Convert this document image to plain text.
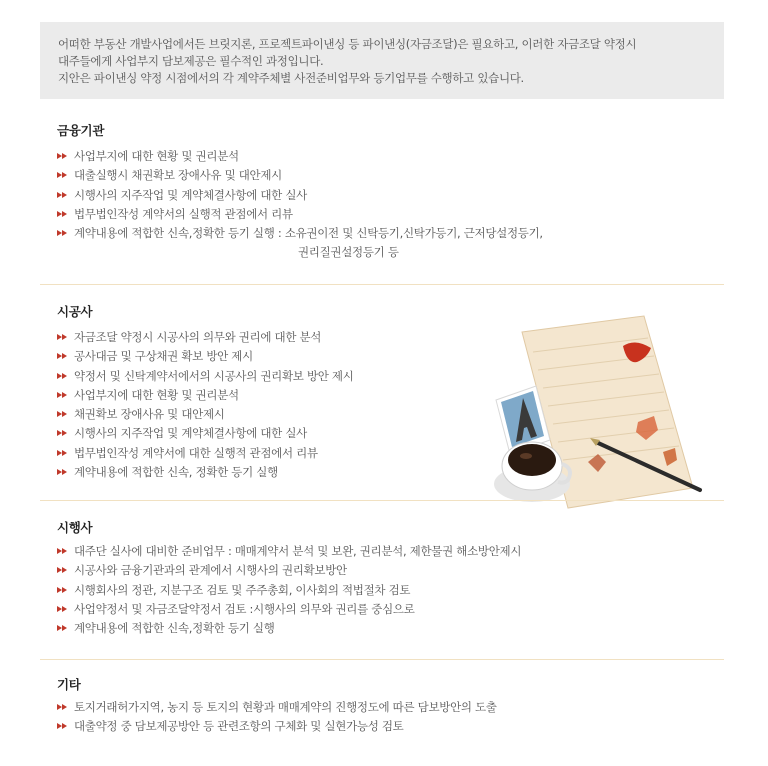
어떠한 부동산 개발사업에서든 브릿지론, 프로젝트파이낸싱 등 파이낸싱(자금조달)은 필요하고, 이러한 자금조달 약정시
대주들에게 사업부지 담보제공은 필수적인 과정입니다.
지안은 파이낸싱 약정 시점에서의 각 계약주체별 사전준비업무와 등기업무를 수행하고 있습니다.
금융기관
사업부지에 대한 현황 및 권리분석
대출실행시 채권확보 장애사유 및 대안제시
시행사의 지주작업 및 계약체결사항에 대한 실사
법무법인작성 계약서의 실행적 관점에서 리뷰
계약내용에 적합한 신속,정확한 등기 실행 : 소유권이전 및 신탁등기,신탁가등기, 근저당설정등기,
권리질권설정등기 등
시공사
자금조달 약정시 시공사의 의무와 권리에 대한 분석
공사대금 및 구상채권 확보 방안 제시
약정서 및 신탁계약서에서의 시공사의 권리확보 방안 제시
사업부지에 대한 현황 및 권리분석
채권확보 장애사유 및 대안제시
시행사의 지주작업 및 계약체결사항에 대한 실사
법무법인작성 계약서에 대한 실행적 관점에서 리뷰
계약내용에 적합한 신속, 정확한 등기 실행
시행사
대주단 실사에 대비한 준비업무 : 매매계약서 분석 및 보완, 권리분석, 제한물권 해소방안제시
시공사와 금융기관과의 관계에서 시행사의 권리확보방안
시행회사의 정관, 지분구조 검토 및 주주총회, 이사회의 적법절차 검토
사업약정서 및 자금조달약정서 검토 :시행사의 의무와 권리를 중심으로
계약내용에 적합한 신속,정확한 등기 실행
기타
토지거래허가지역, 농지 등 토지의 현황과 매매계약의 진행정도에 따른 담보방안의 도출
대출약정 중 담보제공방안 등 관련조항의 구체화 및 실현가능성 검토
